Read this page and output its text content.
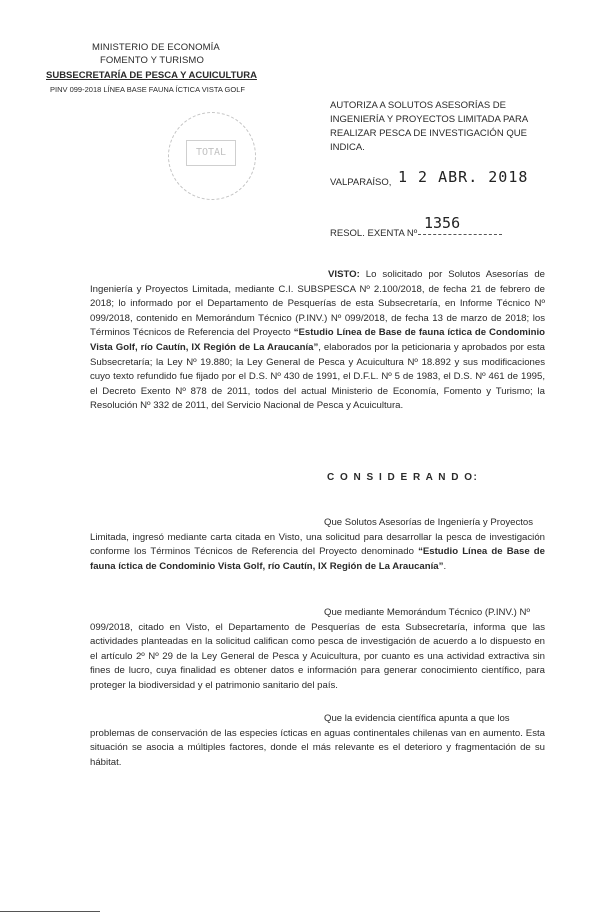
MINISTERIO DE ECONOMÍA
FOMENTO Y TURISMO
SUBSECRETARÍA DE PESCA Y ACUICULTURA
PINV 099-2018 LÍNEA BASE FAUNA ÍCTICA VISTA GOLF
TOTAL
AUTORIZA A SOLUTOS ASESORÍAS DE INGENIERÍA Y PROYECTOS LIMITADA PARA REALIZAR PESCA DE INVESTIGACIÓN QUE INDICA.
VALPARAÍSO, 1 2 ABR. 2018
RESOL. EXENTA Nº
1356
VISTO: Lo solicitado por Solutos Asesorías de Ingeniería y Proyectos Limitada, mediante C.I. SUBSPESCA Nº 2.100/2018, de fecha 21 de febrero de 2018; lo informado por el Departamento de Pesquerías de esta Subsecretaría, en Informe Técnico Nº 099/2018, contenido en Memorándum Técnico (P.INV.) Nº 099/2018, de fecha 13 de marzo de 2018; los Términos Técnicos de Referencia del Proyecto “Estudio Línea de Base de fauna íctica de Condominio Vista Golf, río Cautín, IX Región de La Araucanía”, elaborados por la peticionaria y aprobados por esta Subsecretaría; la Ley Nº 19.880; la Ley General de Pesca y Acuicultura Nº 18.892 y sus modificaciones cuyo texto refundido fue fijado por el D.S. Nº 430 de 1991, el D.F.L. Nº 5 de 1983, el D.S. Nº 461 de 1995, el Decreto Exento Nº 878 de 2011, todos del actual Ministerio de Economía, Fomento y Turismo; la Resolución Nº 332 de 2011, del Servicio Nacional de Pesca y Acuicultura.
C O N S I D E R A N D O:
Que Solutos Asesorías de Ingeniería y Proyectos
Limitada, ingresó mediante carta citada en Visto, una solicitud para desarrollar la pesca de investigación conforme los Términos Técnicos de Referencia del Proyecto denominado “Estudio Línea de Base de fauna íctica de Condominio Vista Golf, río Cautín, IX Región de La Araucanía”.
Que mediante Memorándum Técnico (P.INV.) Nº
099/2018, citado en Visto, el Departamento de Pesquerías de esta Subsecretaría, informa que las actividades planteadas en la solicitud califican como pesca de investigación de acuerdo a lo dispuesto en el artículo 2º Nº 29 de la Ley General de Pesca y Acuicultura, por cuanto es una actividad extractiva sin fines de lucro, cuya finalidad es obtener datos e información para generar conocimiento científico, para proteger la biodiversidad y el patrimonio sanitario del país.
Que la evidencia científica apunta a que los
problemas de conservación de las especies ícticas en aguas continentales chilenas van en aumento. Esta situación se asocia a múltiples factores, donde el más relevante es el deterioro y fragmentación de su hábitat.
